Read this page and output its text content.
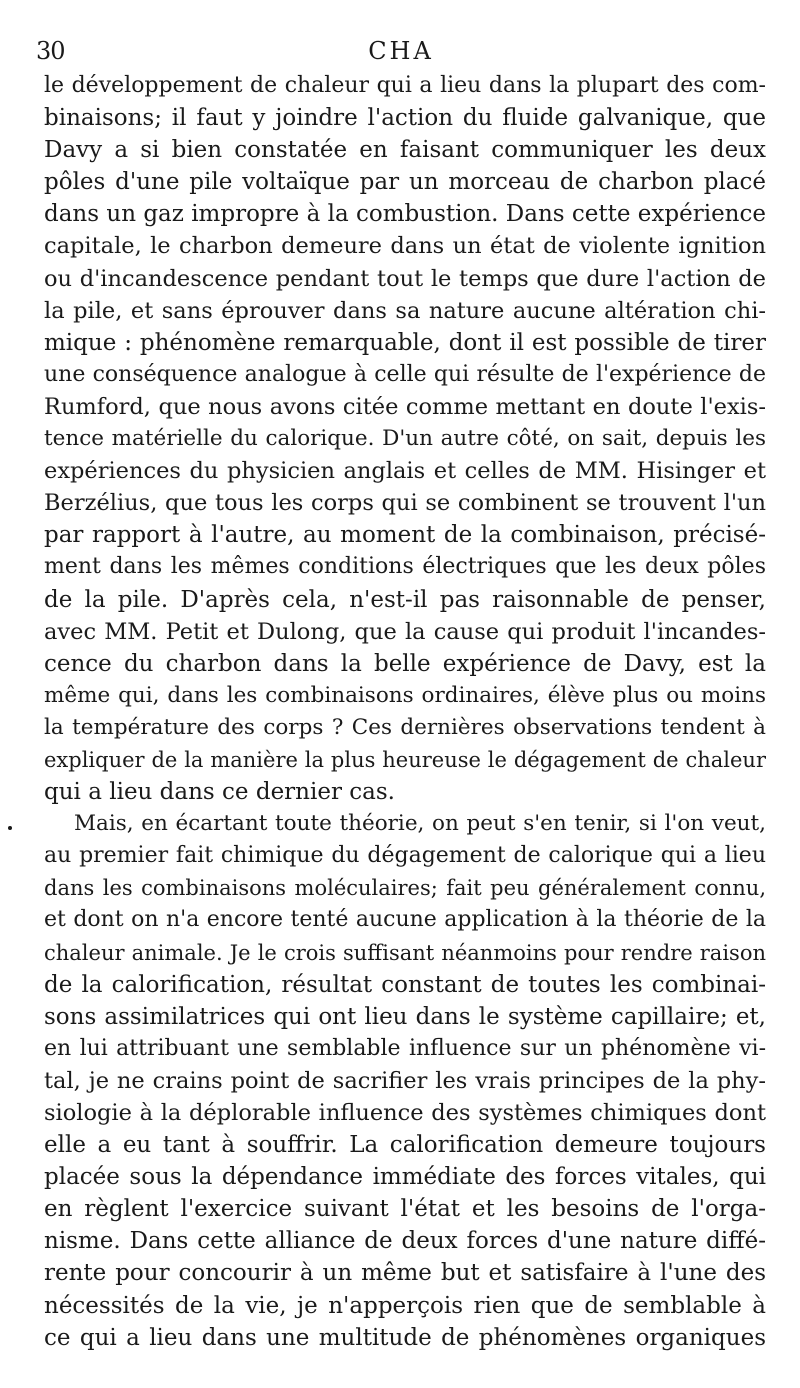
30	CHA
le développement de chaleur qui a lieu dans la plupart des com-
binaisons; il faut y joindre l'action du fluide galvanique, que
Davy a si bien constatée en faisant communiquer les deux
pôles d'une pile voltaïque par un morceau de charbon placé
dans un gaz impropre à la combustion. Dans cette expérience
capitale, le charbon demeure dans un état de violente ignition
ou d'incandescence pendant tout le temps que dure l'action de
la pile, et sans éprouver dans sa nature aucune altération chi-
mique : phénomène remarquable, dont il est possible de tirer
une conséquence analogue à celle qui résulte de l'expérience de
Rumford, que nous avons citée comme mettant en doute l'exis-
tence matérielle du calorique. D'un autre côté, on sait, depuis les
expériences du physicien anglais et celles de MM. Hisinger et
Berzélius, que tous les corps qui se combinent se trouvent l'un
par rapport à l'autre, au moment de la combinaison, précisé-
ment dans les mêmes conditions électriques que les deux pôles
de la pile. D'après cela, n'est-il pas raisonnable de penser,
avec MM. Petit et Dulong, que la cause qui produit l'incandes-
cence du charbon dans la belle expérience de Davy, est la
même qui, dans les combinaisons ordinaires, élève plus ou moins
la température des corps ? Ces dernières observations tendent à
expliquer de la manière la plus heureuse le dégagement de chaleur
qui a lieu dans ce dernier cas.
Mais, en écartant toute théorie, on peut s'en tenir, si l'on veut,
au premier fait chimique du dégagement de calorique qui a lieu
dans les combinaisons moléculaires; fait peu généralement connu,
et dont on n'a encore tenté aucune application à la théorie de la
chaleur animale. Je le crois suffisant néanmoins pour rendre raison
de la calorification, résultat constant de toutes les combinai-
sons assimilatrices qui ont lieu dans le système capillaire; et,
en lui attribuant une semblable influence sur un phénomène vi-
tal, je ne crains point de sacrifier les vrais principes de la phy-
siologie à la déplorable influence des systèmes chimiques dont
elle a eu tant à souffrir. La calorification demeure toujours
placée sous la dépendance immédiate des forces vitales, qui
en règlent l'exercice suivant l'état et les besoins de l'orga-
nisme. Dans cette alliance de deux forces d'une nature diffé-
rente pour concourir à un même but et satisfaire à l'une des
nécessités de la vie, je n'apperçois rien que de semblable à
ce qui a lieu dans une multitude de phénomènes organiques
